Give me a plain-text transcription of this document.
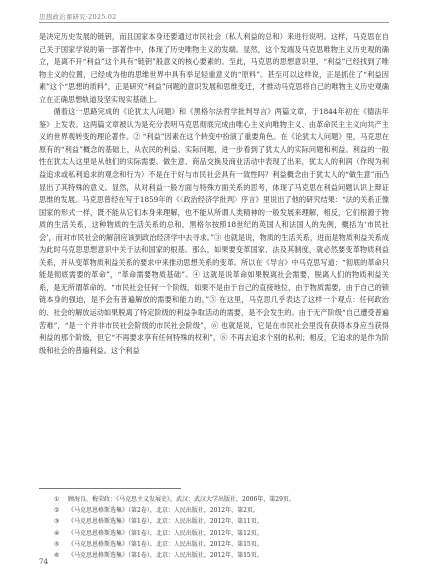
思想政治课研究·2025.02

是决定历史发展的链钥，而且国家本身还要通过市民社会（私人利益的总和）来进行说明。这样，马克思在自己关于国家学说的第一部著作中，体现了历史唯物主义的发端。显然，这个发端及马克思唯物主义历史观的确立，是离不开“利益”这个具有“链钥”般意义的核心要素的。至此，马克思的思想意识里，“利益”已经找到了唯物主义的位置，已经成为他的思维世界中具有举足轻重意义的“原料”。甚至可以这样说，正是抓住了“利益因素”这个“思想的质料”，正是研究“利益”问题的意识发展和思维变迁，才推动马克思将自己的唯物主义历史观确立在正确思想轨道及坚实现实基础上。

循着这一思路完成的《论犹太人问题》和《黑格尔法哲学批判导言》两篇文章，于1844年初在《德法年鉴》上发表。这两篇文章被认为是充分表明马克思彻底完成由唯心主义向唯物主义、由革命民主主义向共产主义的世界观转变的理论著作。② “利益”因素在这个转变中扮演了重要角色。在《论犹太人问题》里，马克思在原有的“利益”概念的基础上，从农民的利益、实际问题，进一步看到了犹太人的实际问题和利益。利益的一般性在犹太人这里是从他们的实际需要、做生意、商品交换及商业活动中表现了出来，犹太人的利润（作现为利益追求或私利追求的观念和行为）不是在于好与市民社会具有一致性吗？利益概念由于犹太人的“做生意”而凸显出了其特殊的意义。显然，从对利益一般方面与特殊方面关系的思考，体现了马克思在利益问题认识上辩证思维的发展。马克思曾经在写于1859年的《〈政治经济学批判〉序言》里说出了他的研究结果：“法的关系正像国家的形式一样，既不能从它们本身来理解，也不能从所谓人类精神的一般发展来理解，相反，它们根源于物质的生活关系，这种物质的生活关系的总和，黑格尔按照18世纪的英国人和法国人的先例，概括为‘市民社会’，而对市民社会的解剖应该到政治经济学中去寻求。”③ 也就是说，物质的生活关系，进而是物质利益关系成为此时马克思思想意识中关于法和国家的根基。那么，如果要变革国家、法及其制度，就必然要变革物质利益关系，并从变革物质利益关系的要求中来推动思想关系的变革。所以在《导言》中马克思写道：“彻底的革命只能是彻底需要的革命”，“革命需要物质基础”。④ 这就是说革命如果脱离社会需要，脱离人们的物质利益关系，是无所谓革命的。“市民社会任何一个阶级，如果不是由于自己的直接地位，由于物质需要，由于自己的锁链本身的强迫，是不会有普遍解放的需要和能力的。”⑤ 在这里，马克思几乎表达了这样一个观点：任何政治的、社会的解放运动如果脱离了特定阶级的利益争取活动的需要，是不会发生的。由于无产阶级“自己遭受普遍苦难”，“是一个并非市民社会阶级的市民社会阶级”，⑥ 也就是说，它是在市民社会里没有获得本身应当获得利益的那个阶级，但它“不再要求享有任何特殊的权利”，⑥ 不再去追求个别的私利；相反，它追求的是作为阶级和社会的普遍利益。这个利益

① 顾海良、梅荣政：《马克思主义发展史》，武汉：武汉大学出版社，2006年，第29页。
② 《马克思恩格斯选集》（第2卷），北京：人民出版社，2012年，第2页。
③ 《马克思恩格斯选集》（第1卷），北京：人民出版社，2012年，第11页。
④ 《马克思恩格斯选集》（第1卷），北京：人民出版社，2012年，第12页。
⑤ 《马克思恩格斯选集》（第1卷），北京：人民出版社，2012年，第15页。
⑥ 《马克思恩格斯选集》（第1卷），北京：人民出版社，2012年，第15页。
74
